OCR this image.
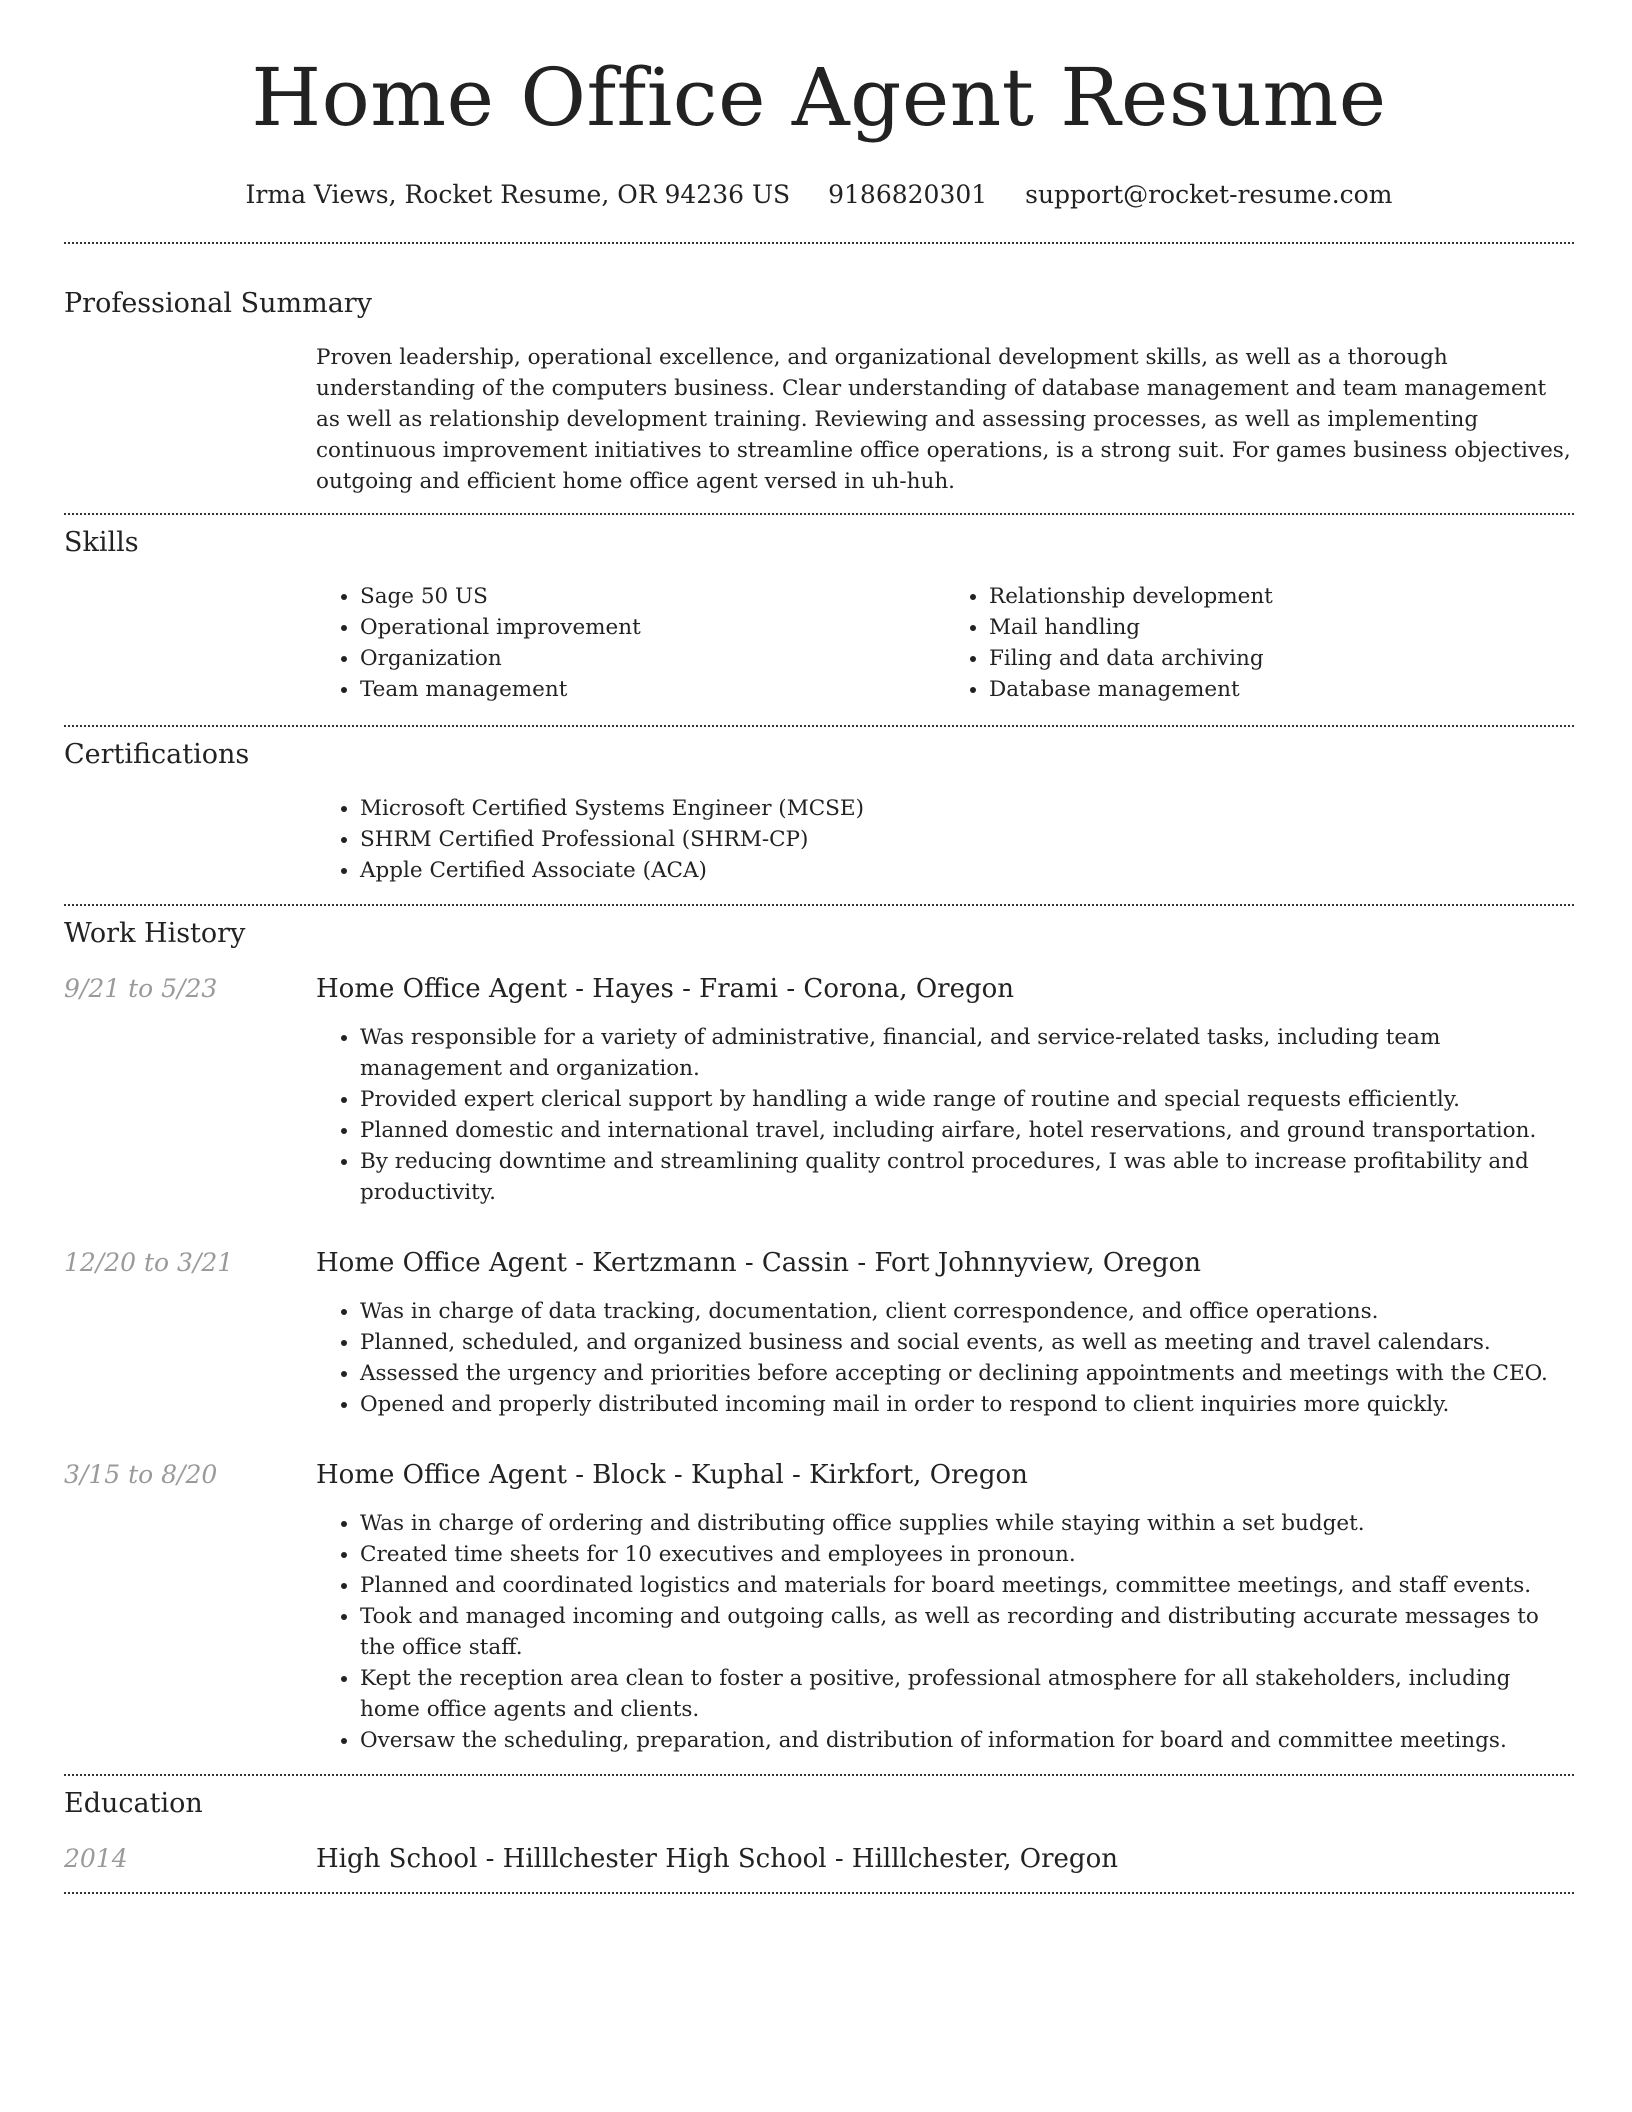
Home Office Agent Resume
Irma Views, Rocket Resume, OR 94236 US 9186820301 support@rocket-resume.com
Professional Summary

Proven leadership, operational excellence, and organizational development skills, as well as a thorough understanding of the computers business. Clear understanding of database management and team management as well as relationship development training. Reviewing and assessing processes, as well as implementing continuous improvement initiatives to streamline office operations, is a strong suit. For games business objectives, outgoing and efficient home office agent versed in uh-huh.

Skills
• Sage 50 US
• Operational improvement
• Organization
• Team management
• Relationship development
• Mail handling
• Filing and data archiving
• Database management
Certifications
• Microsoft Certified Systems Engineer (MCSE)
• SHRM Certified Professional (SHRM-CP)
• Apple Certified Associate (ACA)
Work History
9/21 to 5/23	Home Office Agent - Hayes - Frami - Corona, Oregon
• Was responsible for a variety of administrative, financial, and service-related tasks, including team management and organization.
• Provided expert clerical support by handling a wide range of routine and special requests efficiently.
• Planned domestic and international travel, including airfare, hotel reservations, and ground transportation.
• By reducing downtime and streamlining quality control procedures, I was able to increase profitability and productivity.
12/20 to 3/21	Home Office Agent - Kertzmann - Cassin - Fort Johnnyview, Oregon
• Was in charge of data tracking, documentation, client correspondence, and office operations.
• Planned, scheduled, and organized business and social events, as well as meeting and travel calendars.
• Assessed the urgency and priorities before accepting or declining appointments and meetings with the CEO.
• Opened and properly distributed incoming mail in order to respond to client inquiries more quickly.
3/15 to 8/20	Home Office Agent - Block - Kuphal - Kirkfort, Oregon
• Was in charge of ordering and distributing office supplies while staying within a set budget.
• Created time sheets for 10 executives and employees in pronoun.
• Planned and coordinated logistics and materials for board meetings, committee meetings, and staff events.
• Took and managed incoming and outgoing calls, as well as recording and distributing accurate messages to the office staff.
• Kept the reception area clean to foster a positive, professional atmosphere for all stakeholders, including home office agents and clients.
• Oversaw the scheduling, preparation, and distribution of information for board and committee meetings.
Education
2014	High School - Hilllchester High School - Hilllchester, Oregon
